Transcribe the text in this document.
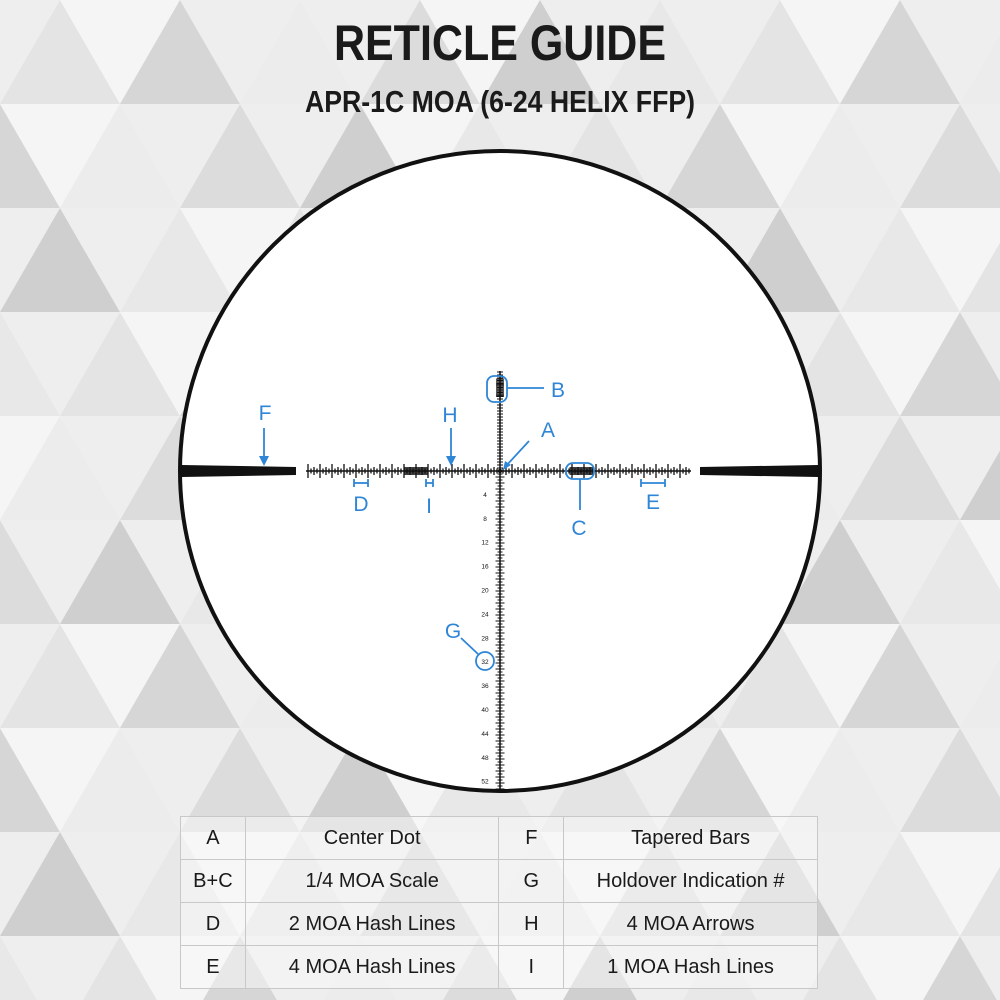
RETICLE GUIDE
APR-1C MOA (6-24 HELIX FFP)
4
8
12
16
20
24
28
32
36
40
44
48
52
A
B
C
D	E
F
G
H
I
A	Center Dot	F	Tapered Bars
B+C	1/4 MOA Scale	G	Holdover Indication #
D	2 MOA Hash Lines	H	4 MOA Arrows
E	4 MOA Hash Lines	I	1 MOA Hash Lines
